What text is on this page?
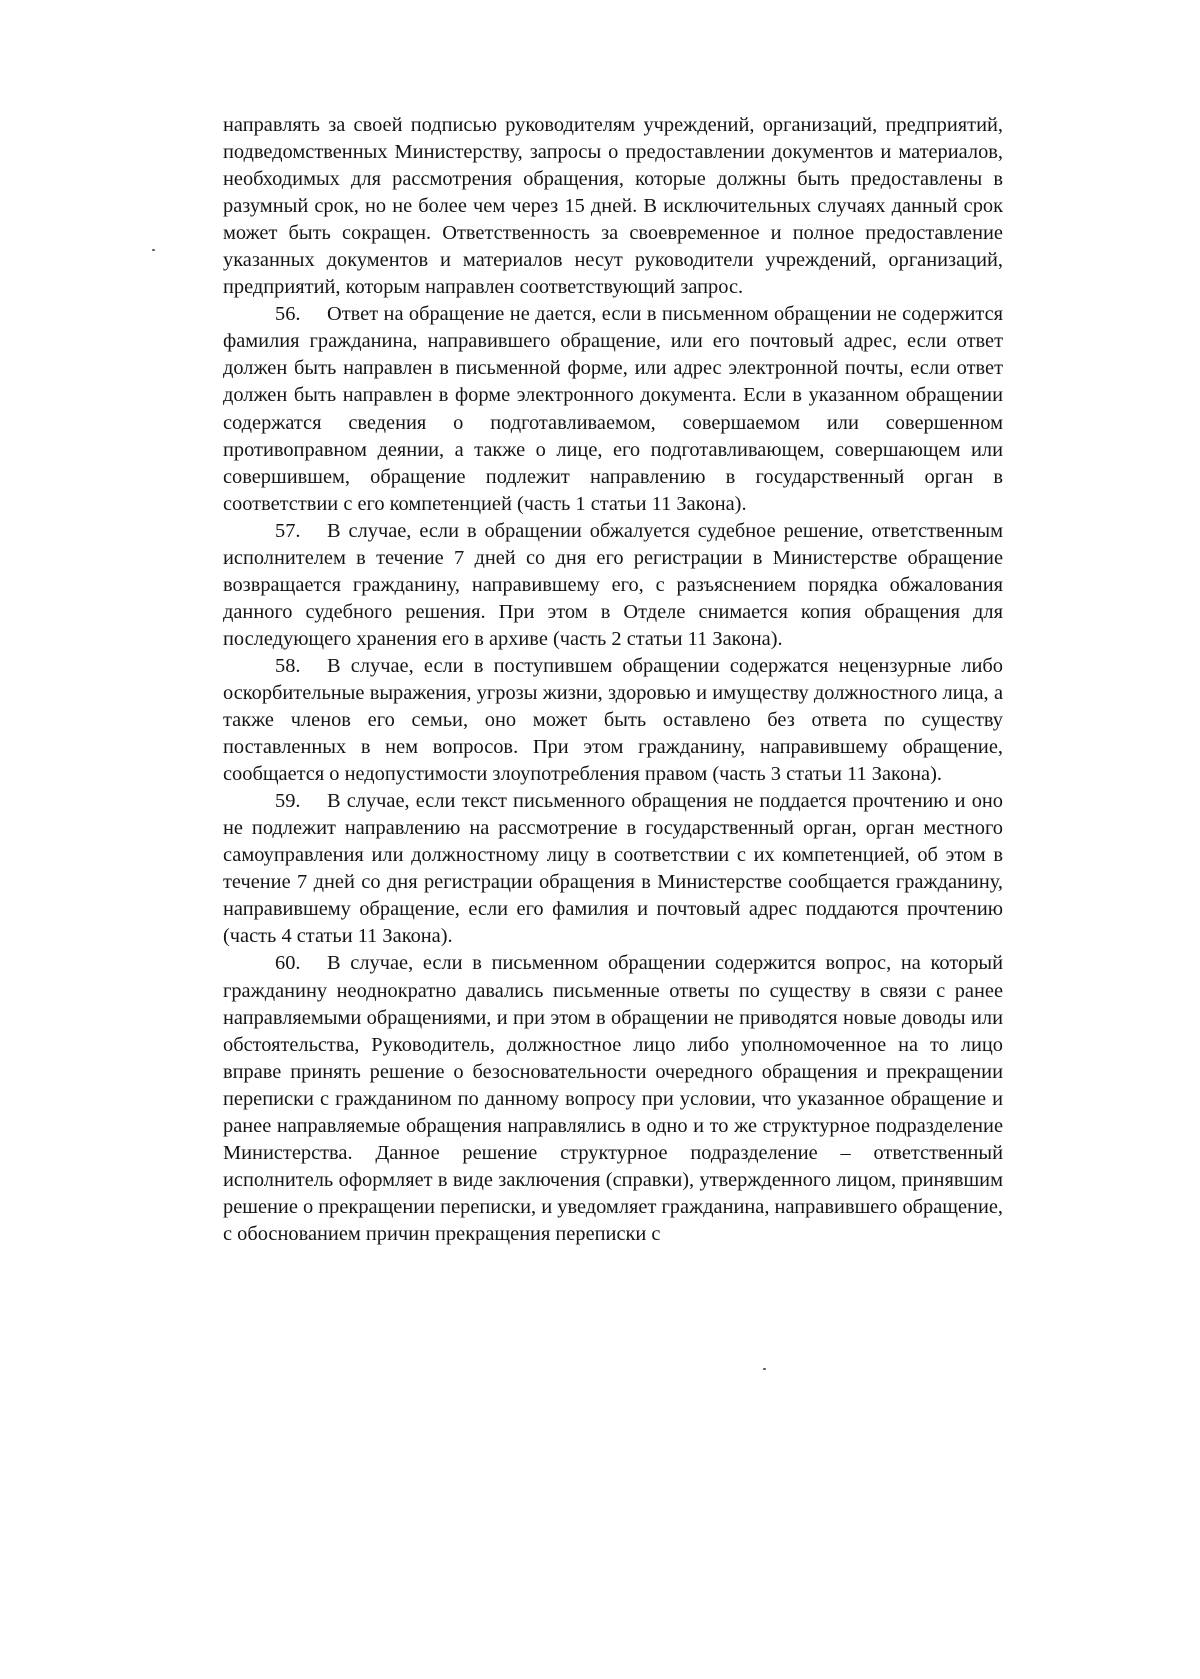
направлять за своей подписью руководителям учреждений, организаций, предприятий, подведомственных Министерству, запросы о предоставлении документов и материалов, необходимых для рассмотрения обращения, которые должны быть предоставлены в разумный срок, но не более чем через 15 дней. В исключительных случаях данный срок может быть сокращен. Ответственность за своевременное и полное предоставление указанных документов и материалов несут руководители учреждений, организаций, предприятий, которым направлен соответствующий запрос.

56. Ответ на обращение не дается, если в письменном обращении не содержится фамилия гражданина, направившего обращение, или его почтовый адрес, если ответ должен быть направлен в письменной форме, или адрес электронной почты, если ответ должен быть направлен в форме электронного документа. Если в указанном обращении содержатся сведения о подготавливаемом, совершаемом или совершенном противоправном деянии, а также о лице, его подготавливающем, совершающем или совершившем, обращение подлежит направлению в государственный орган в соответствии с его компетенцией (часть 1 статьи 11 Закона).

57. В случае, если в обращении обжалуется судебное решение, ответственным исполнителем в течение 7 дней со дня его регистрации в Министерстве обращение возвращается гражданину, направившему его, с разъяснением порядка обжалования данного судебного решения. При этом в Отделе снимается копия обращения для последующего хранения его в архиве (часть 2 статьи 11 Закона).

58. В случае, если в поступившем обращении содержатся нецензурные либо оскорбительные выражения, угрозы жизни, здоровью и имуществу должностного лица, а также членов его семьи, оно может быть оставлено без ответа по существу поставленных в нем вопросов. При этом гражданину, направившему обращение, сообщается о недопустимости злоупотребления правом (часть 3 статьи 11 Закона).

59. В случае, если текст письменного обращения не поддается прочтению и оно не подлежит направлению на рассмотрение в государственный орган, орган местного самоуправления или должностному лицу в соответствии с их компетенцией, об этом в течение 7 дней со дня регистрации обращения в Министерстве сообщается гражданину, направившему обращение, если его фамилия и почтовый адрес поддаются прочтению (часть 4 статьи 11 Закона).

60. В случае, если в письменном обращении содержится вопрос, на который гражданину неоднократно давались письменные ответы по существу в связи с ранее направляемыми обращениями, и при этом в обращении не приводятся новые доводы или обстоятельства, Руководитель, должностное лицо либо уполномоченное на то лицо вправе принять решение о безосновательности очередного обращения и прекращении переписки с гражданином по данному вопросу при условии, что указанное обращение и ранее направляемые обращения направлялись в одно и то же структурное подразделение Министерства. Данное решение структурное подразделение – ответственный исполнитель оформляет в виде заключения (справки), утвержденного лицом, принявшим решение о прекращении переписки, и уведомляет гражданина, направившего обращение, с обоснованием причин прекращения переписки с
